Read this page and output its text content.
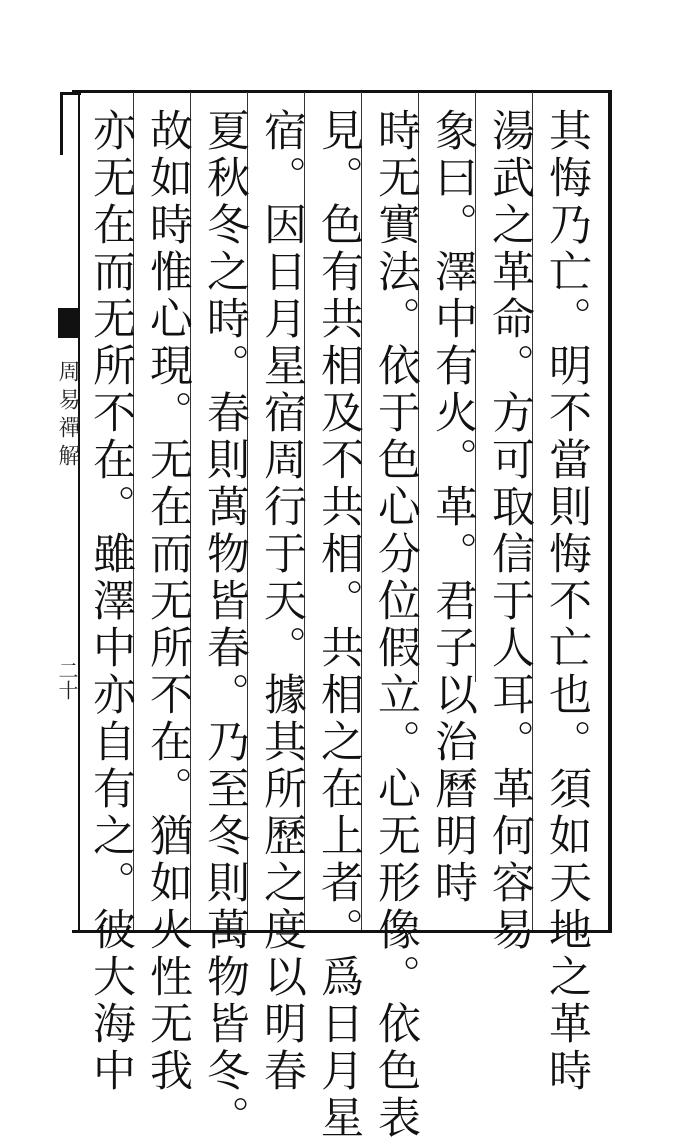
周易禪解
二十	其悔乃亡。明不當則悔不亡也。須如天地之革時
湯武之革命。方可取信于人耳。革何容易
象曰。澤中有火。革。君子以治曆明時
時无實法。依于色心分位假立。心无形像。依色表
見。色有共相及不共相。共相之在上者。爲日月星
宿。因日月星宿周行于天。據其所歷之度以明春
夏秋冬之時。春則萬物皆春。乃至冬則萬物皆冬。
故如時惟心現。无在而无所不在。猶如火性无我
亦无在而无所不在。雖澤中亦自有之。彼大海中
